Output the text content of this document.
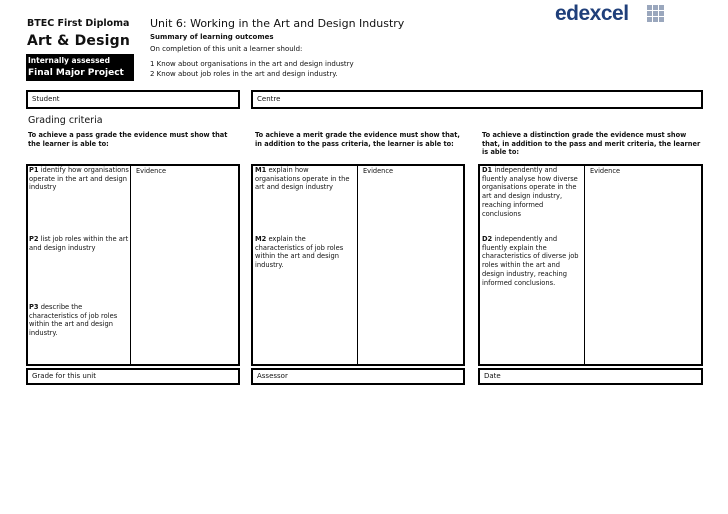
BTEC First Diploma
Art & Design
Internally assessed
Final Major Project
Unit 6: Working in the Art and Design Industry
Summary of learning outcomes
On completion of this unit a learner should:
1 Know about organisations in the art and design industry
2 Know about job roles in the art and design industry.
edexcel
Student	Centre
Grading criteria
To achieve a pass grade the evidence must show that the learner is able to:
To achieve a merit grade the evidence must show that, in addition to the pass criteria, the learner is able to:
To achieve a distinction grade the evidence must show that, in addition to the pass and merit criteria, the learner is able to:
Evidence
P1 identify how organisations operate in the art and design industry
P2 list job roles within the art and design industry
P3 describe the characteristics of job roles within the art and design industry.
Evidence
M1 explain how organisations operate in the art and design industry
M2 explain the characteristics of job roles within the art and design industry.
Evidence
D1 independently and fluently analyse how diverse organisations operate in the art and design industry, reaching informed conclusions
D2 independently and fluently explain the characteristics of diverse job roles within the art and design industry, reaching informed conclusions.
Grade for this unit	Assessor	Date
